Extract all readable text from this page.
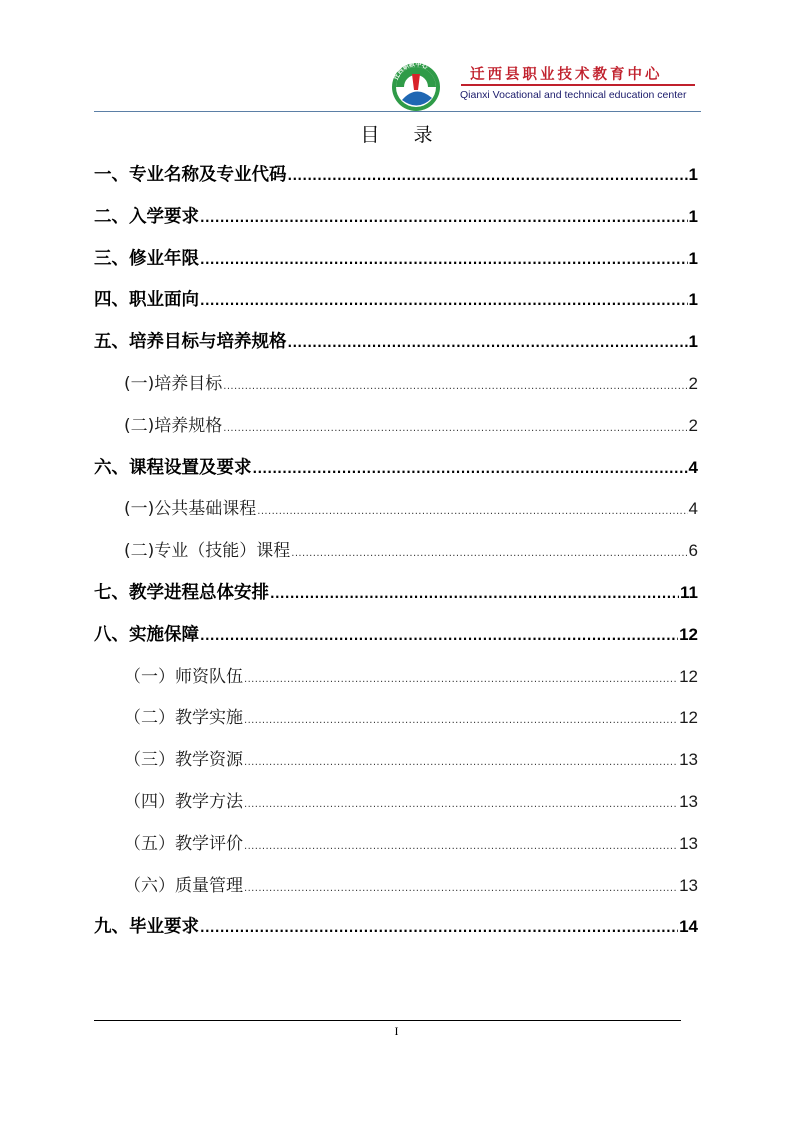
迁西职教中心	迁西县职业技术教育中心
Qianxi Vocational and technical education center
目 录
一、专业名称及专业代码 .....	1
二、入学要求 .....	1
三、修业年限 .....	1
四、职业面向 .....	1
五、培养目标与培养规格 .....	1
(一)培养目标 .....	2
(二)培养规格 .....	2
六、课程设置及要求 .....	4
(一)公共基础课程 .....	4
(二)专业（技能）课程 .....	6
七、教学进程总体安排 .....	11
八、实施保障 .....	12
（一）师资队伍 .....	12
（二）教学实施 .....	12
（三）教学资源 .....	13
（四）教学方法 .....	13
（五）教学评价 .....	13
（六）质量管理 .....	13
九、毕业要求 .....	14
I
